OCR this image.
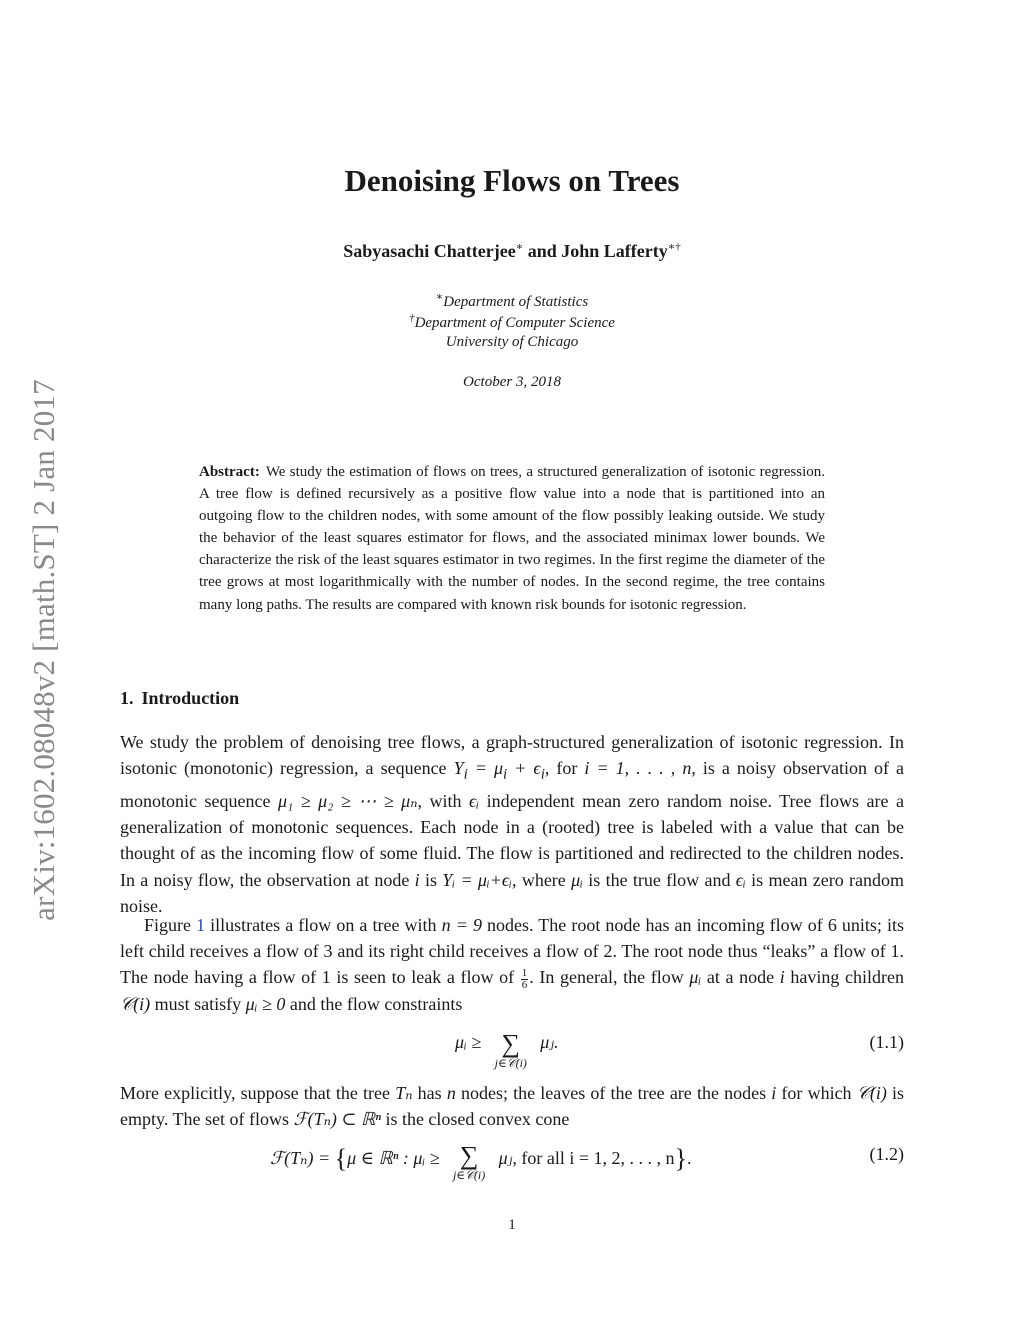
arXiv:1602.08048v2 [math.ST] 2 Jan 2017
Denoising Flows on Trees
Sabyasachi Chatterjee∗ and John Lafferty∗†
∗Department of Statistics
†Department of Computer Science
University of Chicago
October 3, 2018

Abstract: We study the estimation of flows on trees, a structured generalization of isotonic regression. A tree flow is defined recursively as a positive flow value into a node that is partitioned into an outgoing flow to the children nodes, with some amount of the flow possibly leaking outside. We study the behavior of the least squares estimator for flows, and the associated minimax lower bounds. We characterize the risk of the least squares estimator in two regimes. In the first regime the diameter of the tree grows at most logarithmically with the number of nodes. In the second regime, the tree contains many long paths. The results are compared with known risk bounds for isotonic regression.

1. Introduction

We study the problem of denoising tree flows, a graph-structured generalization of isotonic regression. In isotonic (monotonic) regression, a sequence $Y_i = \mu_i + \epsilon_i$, for i = 1, . . . , n, is a noisy observation of a monotonic sequence μ₁ ≥ μ₂ ≥ ⋯ ≥ μₙ, with ϵᵢ independent mean zero random noise. Tree flows are a generalization of monotonic sequences. Each node in a (rooted) tree is labeled with a value that can be thought of as the incoming flow of some fluid. The flow is partitioned and redirected to the children nodes. In a noisy flow, the observation at node i is Yᵢ = μᵢ+ϵᵢ, where μᵢ is the true flow and ϵᵢ is mean zero random noise.

Figure 1 illustrates a flow on a tree with n = 9 nodes. The root node has an incoming flow of 6 units; its left child receives a flow of 3 and its right child receives a flow of 2. The root node thus “leaks” a flow of 1. The node having a flow of 1 is seen to leak a flow of $\frac{1}{6}$ . In general, the flow μᵢ at a node i having children 𝒞(i) must satisfy μᵢ ≥ 0 and the flow constraints

μᵢ ≥ ∑
j∈𝒞(i)
μⱼ.	(1.1)

More explicitly, suppose that the tree Tₙ has n nodes; the leaves of the tree are the nodes i for which 𝒞(i) is empty. The set of flows ℱ(Tₙ) ⊂ ℝⁿ is the closed convex cone

ℱ(Tₙ) = {μ ∈ ℝⁿ : μᵢ ≥ ∑
j∈𝒞(i)
μⱼ, for all i = 1, 2, . . . , n}.	(1.2)
1
